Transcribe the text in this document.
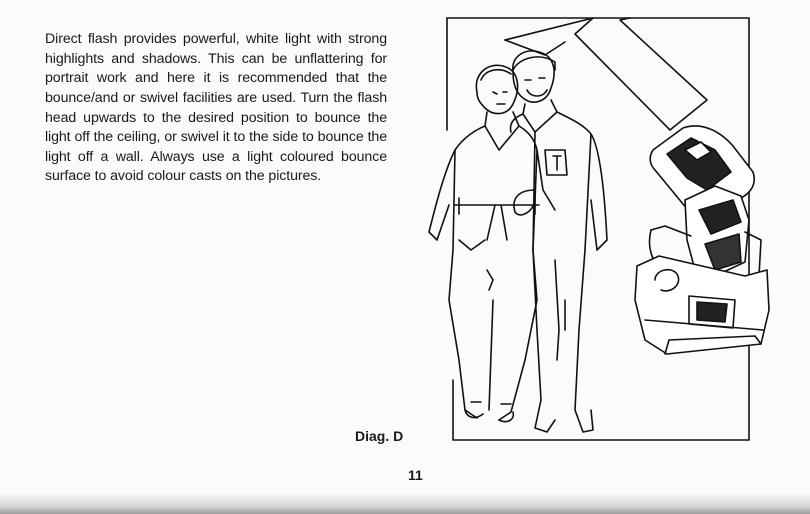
Direct flash provides powerful, white light with strong highlights and shadows. This can be unflattering for portrait work and here it is recommended that the bounce/and or swivel facilities are used. Turn the flash head upwards to the desired position to bounce the light off the ceiling, or swivel it to the side to bounce the light off a wall. Always use a light coloured bounce surface to avoid colour casts on the pictures.

Diag. D
11
